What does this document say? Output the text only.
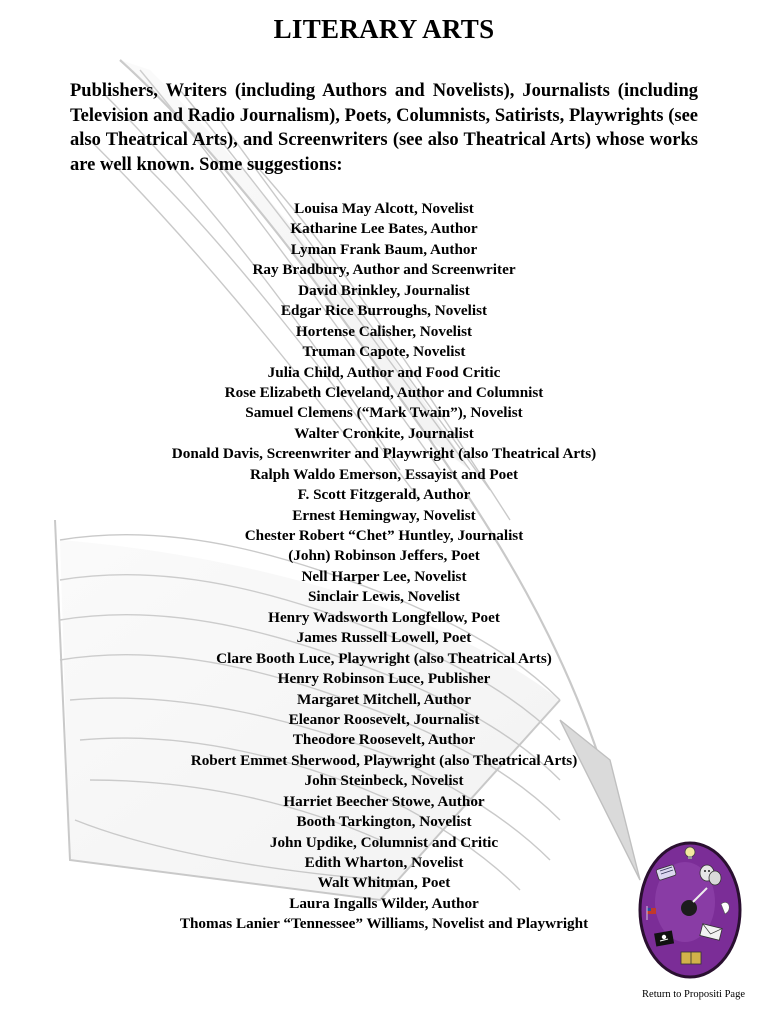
LITERARY ARTS

Publishers, Writers (including Authors and Novelists), Journalists (including Television and Radio Journalism), Poets, Columnists, Satirists, Playwrights (see also Theatrical Arts), and Screenwriters (see also Theatrical Arts) whose works are well known. Some suggestions:

Louisa May Alcott, Novelist
Katharine Lee Bates, Author
Lyman Frank Baum, Author
Ray Bradbury, Author and Screenwriter
David Brinkley, Journalist
Edgar Rice Burroughs, Novelist
Hortense Calisher, Novelist
Truman Capote, Novelist
Julia Child, Author and Food Critic
Rose Elizabeth Cleveland, Author and Columnist
Samuel Clemens (“Mark Twain”), Novelist
Walter Cronkite, Journalist
Donald Davis, Screenwriter and Playwright (also Theatrical Arts)
Ralph Waldo Emerson, Essayist and Poet
F. Scott Fitzgerald, Author
Ernest Hemingway, Novelist
Chester Robert “Chet” Huntley, Journalist
(John) Robinson Jeffers, Poet
Nell Harper Lee, Novelist
Sinclair Lewis, Novelist
Henry Wadsworth Longfellow, Poet
James Russell Lowell, Poet
Clare Booth Luce, Playwright (also Theatrical Arts)
Henry Robinson Luce, Publisher
Margaret Mitchell, Author
Eleanor Roosevelt, Journalist
Theodore Roosevelt, Author
Robert Emmet Sherwood, Playwright (also Theatrical Arts)
John Steinbeck, Novelist
Harriet Beecher Stowe, Author
Booth Tarkington, Novelist
John Updike, Columnist and Critic
Edith Wharton, Novelist
Walt Whitman, Poet
Laura Ingalls Wilder, Author
Thomas Lanier “Tennessee” Williams, Novelist and Playwright
Return to Propositi Page
